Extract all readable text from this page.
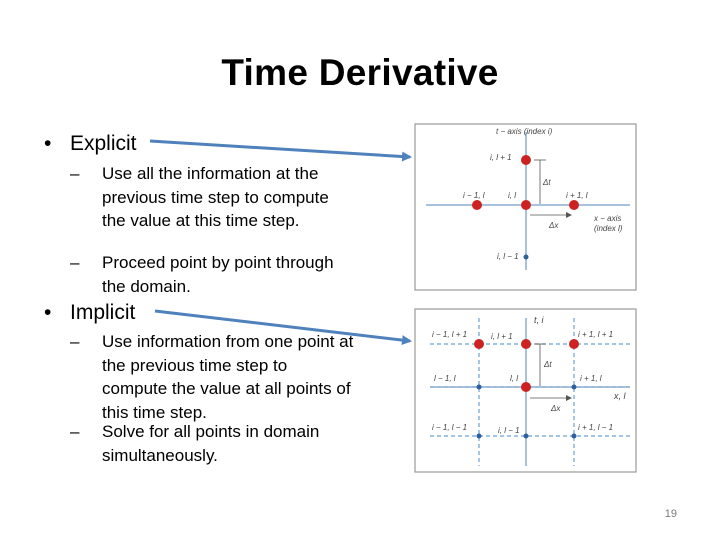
Time Derivative
• Explicit
– Use all the information at the previous time step to compute the value at this time step.
– Proceed point by point through the domain.
• Implicit
– Use information from one point at the previous time step to compute the value at all points of this time step.
– Solve for all points in domain simultaneously.
19
t − axis (index i)
i, l + 1
i − 1, l	i, l	i + 1, l
i, l − 1
Δt
Δx
x − axis
(index l)
t, i
x, l
i − 1, l + 1	i, l + 1	i + 1, l + 1
l − 1, l	l, l	i + 1, l
i − 1, l − 1	i, l − 1	i + 1, l − 1
Δt
Δx
